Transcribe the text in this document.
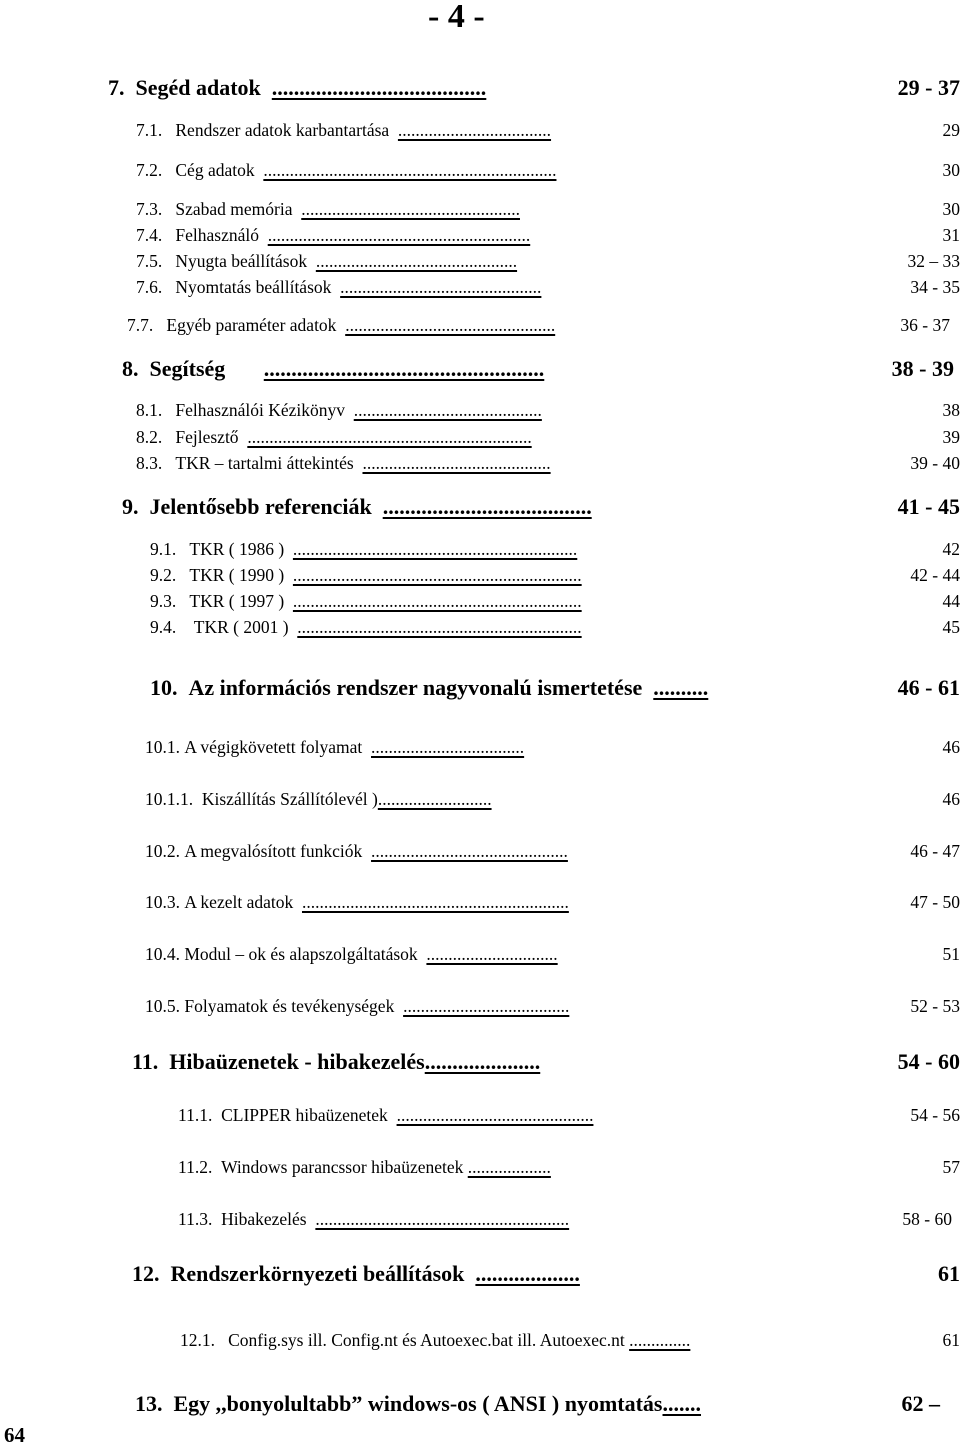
- 4 -
7. Segéd adatok .......................................	29 - 37
7.1. Rendszer adatok karbantartása ...................................	29
7.2. Cég adatok ...................................................................	30
7.3. Szabad memória ..................................................	30
7.4. Felhasználó ............................................................	31
7.5. Nyugta beállítások ..............................................	32 – 33
7.6. Nyomtatás beállítások ..............................................	34 - 35
7.7. Egyéb paraméter adatok ................................................	36 - 37
8. Segítség ...................................................	38 - 39
8.1. Felhasználói Kézikönyv ...........................................	38
8.2. Fejlesztő .................................................................	39
8.3. TKR – tartalmi áttekintés ...........................................	39 - 40
9. Jelentősebb referenciák ......................................	41 - 45
9.1. TKR ( 1986 ) .................................................................	42
9.2. TKR ( 1990 ) ..................................................................	42 - 44
9.3. TKR ( 1997 ) ..................................................................	44
9.4. TKR ( 2001 ) .................................................................	45
10. Az információs rendszer nagyvonalú ismertetése ..........	46 - 61
10.1. A végigkövetett folyamat ...................................	46
10.1.1. Kiszállítás Szállítólevél )..........................	46
10.2. A megvalósított funkciók .............................................	46 - 47
10.3. A kezelt adatok .............................................................	47 - 50
10.4. Modul – ok és alapszolgáltatások ..............................	51
10.5. Folyamatok és tevékenységek ......................................	52 - 53
11. Hibaüzenetek - hibakezelés.....................	54 - 60
11.1. CLIPPER hibaüzenetek .............................................	54 - 56
11.2. Windows parancssor hibaüzenetek ...................	57
11.3. Hibakezelés ..........................................................	58 - 60
12. Rendszerkörnyezeti beállítások ...................	61
12.1. Config.sys ill. Config.nt és Autoexec.bat ill. Autoexec.nt ..............	61
13. Egy ,,bonyolultabb” windows-os ( ANSI ) nyomtatás.......	62 –
64
